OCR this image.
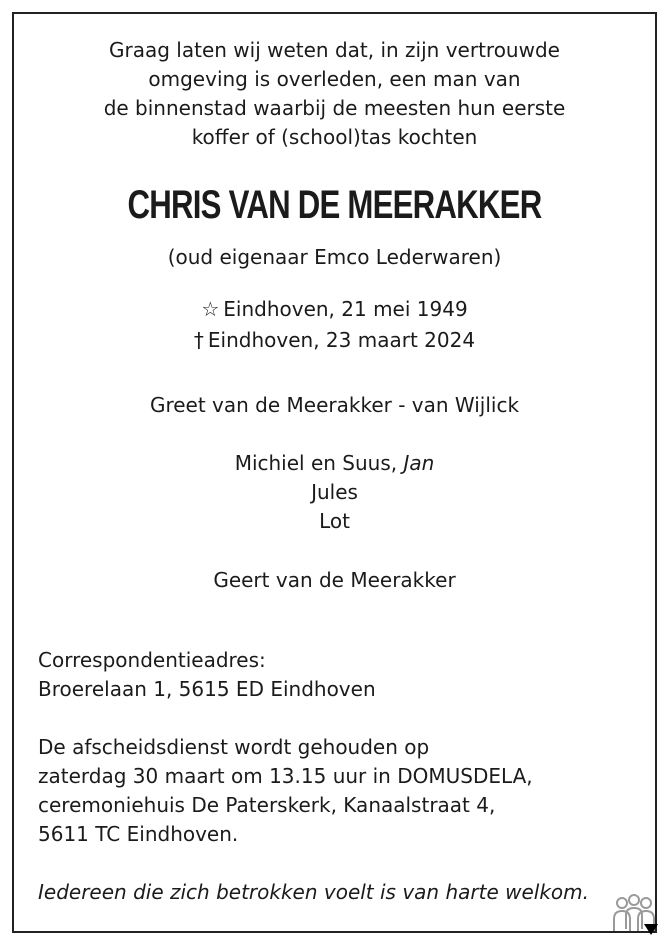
Graag laten wij weten dat, in zijn vertrouwde
omgeving is overleden, een man van
de binnenstad waarbij de meesten hun eerste
koffer of (school)tas kochten
CHRIS VAN DE MEERAKKER
(oud eigenaar Emco Lederwaren)
☆ Eindhoven, 21 mei 1949
† Eindhoven, 23 maart 2024
Greet van de Meerakker - van Wijlick
Michiel en Suus, Jan
Jules
Lot
Geert van de Meerakker
Correspondentieadres:
Broerelaan 1, 5615 ED Eindhoven
De afscheidsdienst wordt gehouden op
zaterdag 30 maart om 13.15 uur in DOMUSDELA,
ceremoniehuis De Paterskerk, Kanaalstraat 4,
5611 TC Eindhoven.
Iedereen die zich betrokken voelt is van harte welkom.
